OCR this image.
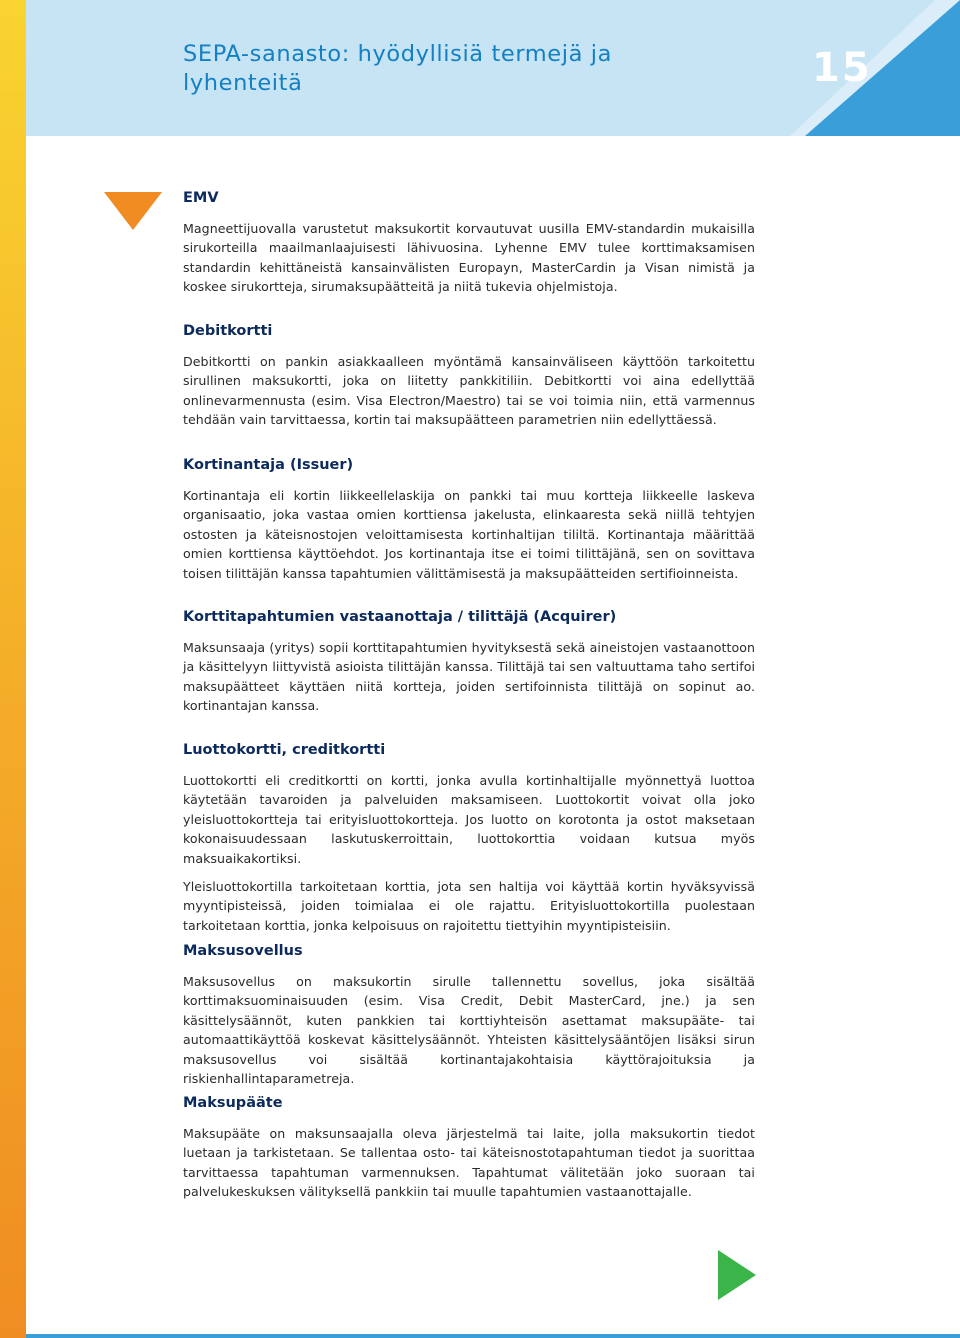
SEPA-sanasto: hyödyllisiä termejä ja lyhenteitä	15
EMV

Magneettijuovalla varustetut maksukortit korvautuvat uusilla EMV-standardin mukaisilla sirukorteilla maailmanlaajuisesti lähivuosina. Lyhenne EMV tulee korttimaksamisen standardin kehittäneistä kansainvälisten Europayn, MasterCardin ja Visan nimistä ja koskee sirukortteja, sirumaksupäätteitä ja niitä tukevia ohjelmistoja.

Debitkortti

Debitkortti on pankin asiakkaalleen myöntämä kansainväliseen käyttöön tarkoitettu sirullinen maksukortti, joka on liitetty pankkitiliin. Debitkortti voi aina edellyttää onlinevarmennusta (esim. Visa Electron/Maestro) tai se voi toimia niin, että varmennus tehdään vain tarvittaessa, kortin tai maksupäätteen parametrien niin edellyttäessä.

Kortinantaja (Issuer)

Kortinantaja eli kortin liikkeellelaskija on pankki tai muu kortteja liikkeelle laskeva organisaatio, joka vastaa omien korttiensa jakelusta, elinkaaresta sekä niillä tehtyjen ostosten ja käteisnostojen veloittamisesta kortinhaltijan tililtä. Kortinantaja määrittää omien korttiensa käyttöehdot. Jos kortinantaja itse ei toimi tilittäjänä, sen on sovittava toisen tilittäjän kanssa tapahtumien välittämisestä ja maksupäätteiden sertifioinneista.

Korttitapahtumien vastaanottaja / tilittäjä (Acquirer)

Maksunsaaja (yritys) sopii korttitapahtumien hyvityksestä sekä aineistojen vastaanottoon ja käsittelyyn liittyvistä asioista tilittäjän kanssa. Tilittäjä tai sen valtuuttama taho sertifoi maksupäätteet käyttäen niitä kortteja, joiden sertifoinnista tilittäjä on sopinut ao. kortinantajan kanssa.

Luottokortti, creditkortti

Luottokortti eli creditkortti on kortti, jonka avulla kortinhaltijalle myönnettyä luottoa käytetään tavaroiden ja palveluiden maksamiseen. Luottokortit voivat olla joko yleisluottokortteja tai erityisluottokortteja. Jos luotto on korotonta ja ostot maksetaan kokonaisuudessaan laskutuskerroittain, luottokorttia voidaan kutsua myös maksuaikakortiksi.

Yleisluottokortilla tarkoitetaan korttia, jota sen haltija voi käyttää kortin hyväksyvissä myyntipisteissä, joiden toimialaa ei ole rajattu. Erityisluottokortilla puolestaan tarkoitetaan korttia, jonka kelpoisuus on rajoitettu tiettyihin myyntipisteisiin.

Maksusovellus

Maksusovellus on maksukortin sirulle tallennettu sovellus, joka sisältää korttimaksuominaisuuden (esim. Visa Credit, Debit MasterCard, jne.) ja sen käsittelysäännöt, kuten pankkien tai korttiyhteisön asettamat maksupääte- tai automaattikäyttöä koskevat käsittelysäännöt. Yhteisten käsittelysääntöjen lisäksi sirun maksusovellus voi sisältää kortinantajakohtaisia käyttörajoituksia ja riskienhallintaparametreja.

Maksupääte

Maksupääte on maksunsaajalla oleva järjestelmä tai laite, jolla maksukortin tiedot luetaan ja tarkistetaan. Se tallentaa osto- tai käteisnostotapahtuman tiedot ja suorittaa tarvittaessa tapahtuman varmennuksen. Tapahtumat välitetään joko suoraan tai palvelukeskuksen välityksellä pankkiin tai muulle tapahtumien vastaanottajalle.
